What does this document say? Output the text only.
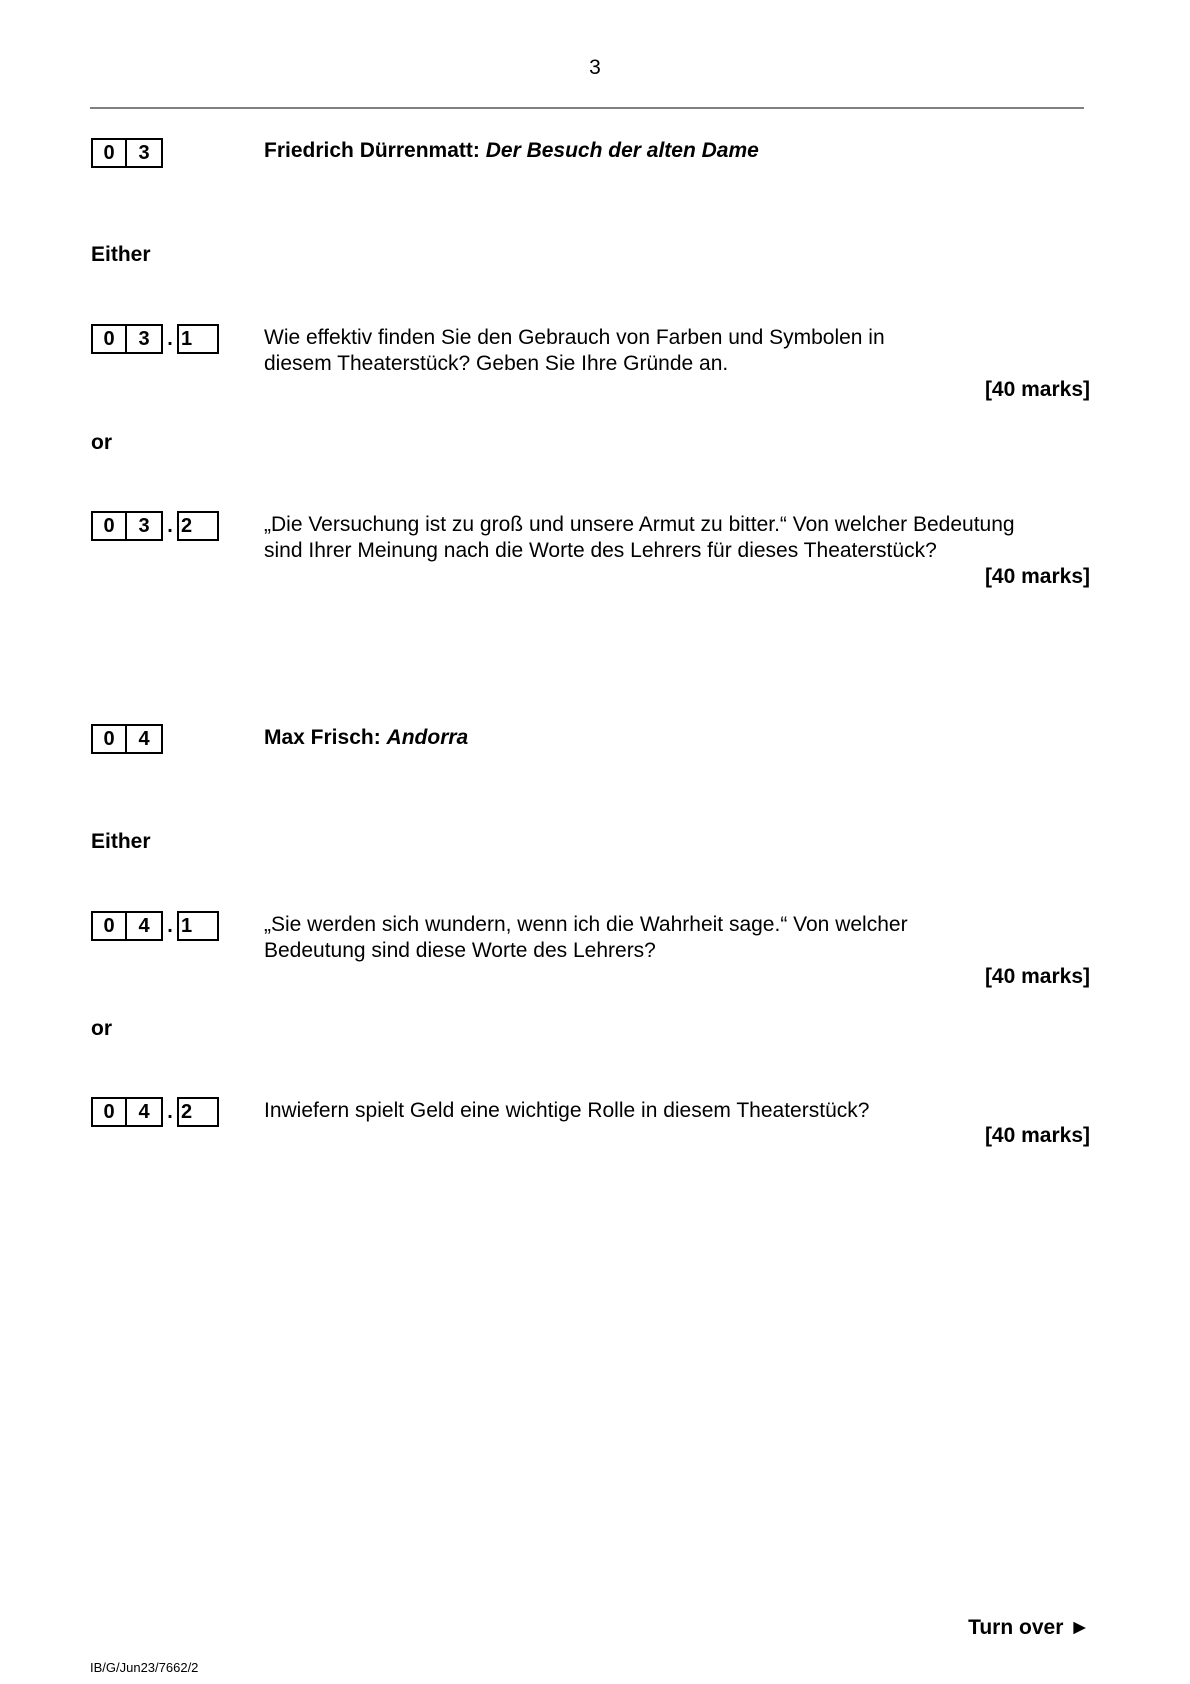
3
0	3	Friedrich Dürrenmatt: Der Besuch der alten Dame
Either
0	3 . 1	Wie effektiv finden Sie den Gebrauch von Farben und Symbolen in
diesem Theaterstück? Geben Sie Ihre Gründe an.
[40 marks]
or
0	3 . 2	„Die Versuchung ist zu groß und unsere Armut zu bitter.“ Von welcher Bedeutung
sind Ihrer Meinung nach die Worte des Lehrers für dieses Theaterstück?
[40 marks]
0	4	Max Frisch: Andorra
Either
0	4 . 1	„Sie werden sich wundern, wenn ich die Wahrheit sage.“ Von welcher
Bedeutung sind diese Worte des Lehrers?
[40 marks]
or
0	4 . 2	Inwiefern spielt Geld eine wichtige Rolle in diesem Theaterstück?
[40 marks]
Turn over ►
IB/G/Jun23/7662/2
